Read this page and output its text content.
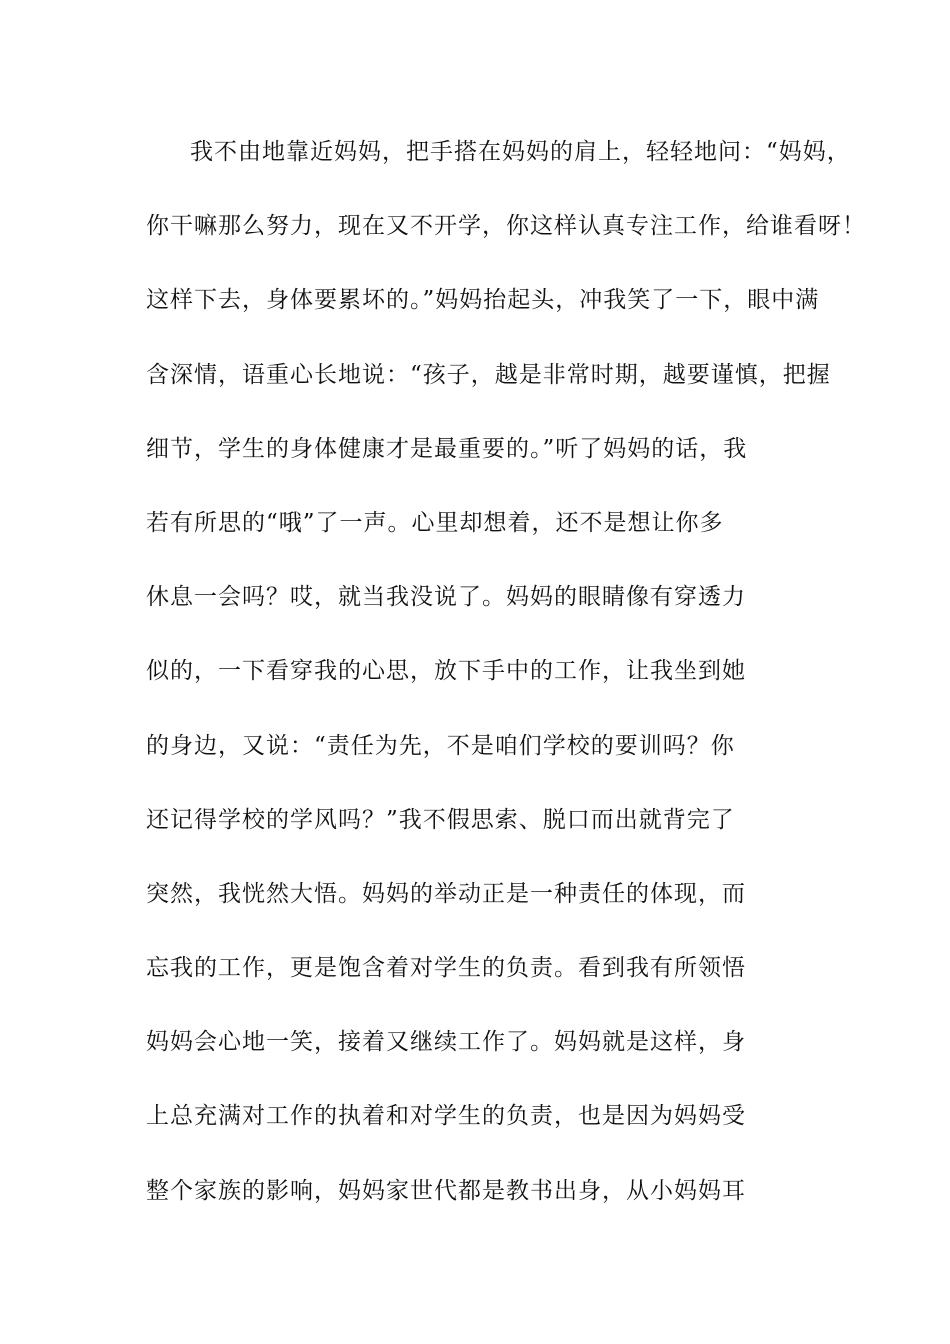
我不由地靠近妈妈，把手搭在妈妈的肩上，轻轻地问：“妈妈，
你干嘛那么努力，现在又不开学，你这样认真专注工作，给谁看呀！
这样下去，身体要累坏的。”妈妈抬起头，冲我笑了一下，眼中满
含深情，语重心长地说：“孩子，越是非常时期，越要谨慎，把握
细节，学生的身体健康才是最重要的。”听了妈妈的话，我
若有所思的“哦”了一声。心里却想着，还不是想让你多
休息一会吗？哎，就当我没说了。妈妈的眼睛像有穿透力
似的，一下看穿我的心思，放下手中的工作，让我坐到她
的身边，又说：“责任为先，不是咱们学校的要训吗？你
还记得学校的学风吗？”我不假思索、脱口而出就背完了
突然，我恍然大悟。妈妈的举动正是一种责任的体现，而
忘我的工作，更是饱含着对学生的负责。看到我有所领悟
妈妈会心地一笑，接着又继续工作了。妈妈就是这样，身
上总充满对工作的执着和对学生的负责，也是因为妈妈受
整个家族的影响，妈妈家世代都是教书出身，从小妈妈耳
